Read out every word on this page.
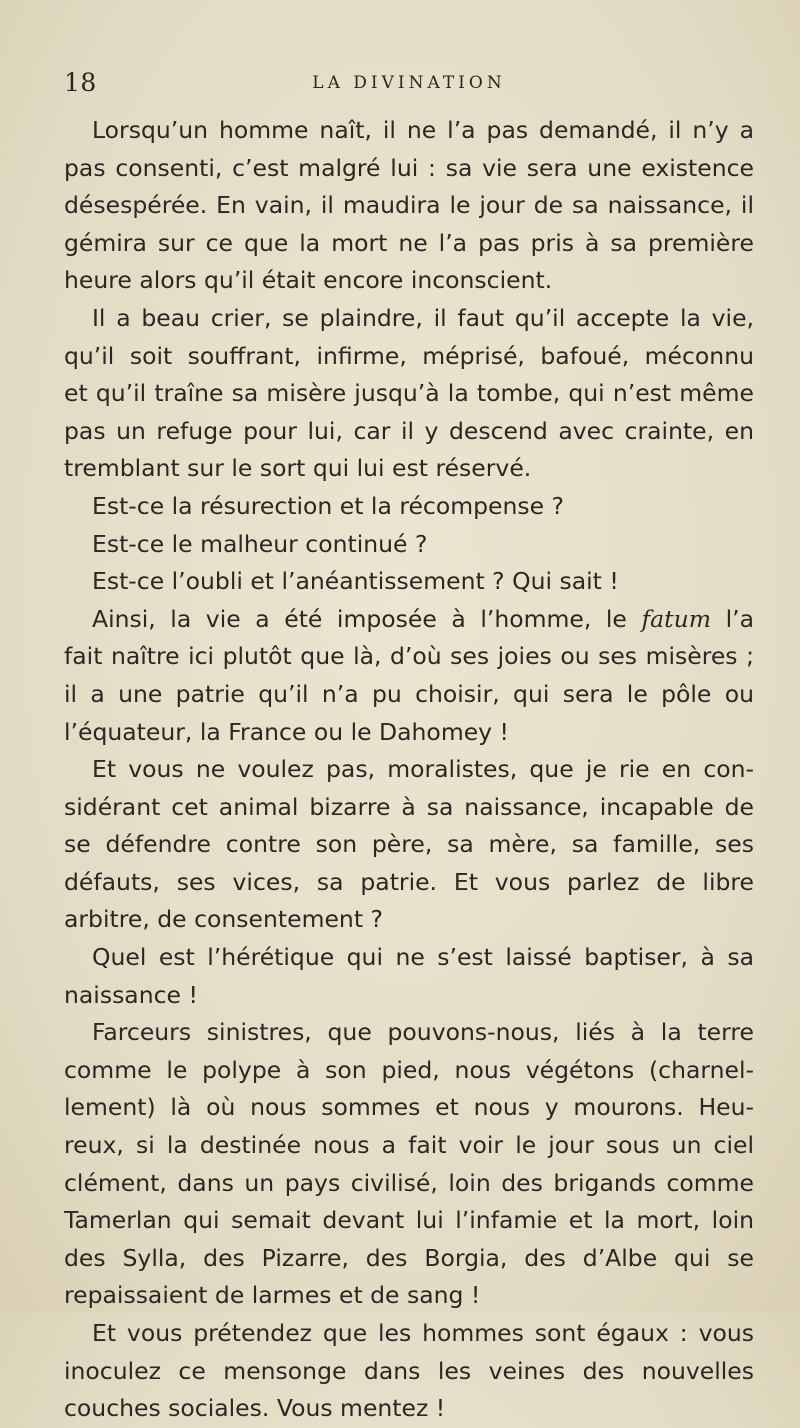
18	LA DIVINATION
Lorsqu’un homme naît, il ne l’a pas demandé, il n’y a
pas consenti, c’est malgré lui : sa vie sera une existence
désespérée. En vain, il maudira le jour de sa naissance, il
gémira sur ce que la mort ne l’a pas pris à sa première
heure alors qu’il était encore inconscient.
Il a beau crier, se plaindre, il faut qu’il accepte la vie,
qu’il soit souffrant, infirme, méprisé, bafoué, méconnu
et qu’il traîne sa misère jusqu’à la tombe, qui n’est même
pas un refuge pour lui, car il y descend avec crainte, en
tremblant sur le sort qui lui est réservé.
Est-ce la résurection et la récompense ?
Est-ce le malheur continué ?
Est-ce l’oubli et l’anéantissement ? Qui sait !
Ainsi, la vie a été imposée à l’homme, le fatum l’a
fait naître ici plutôt que là, d’où ses joies ou ses misères ;
il a une patrie qu’il n’a pu choisir, qui sera le pôle ou
l’équateur, la France ou le Dahomey !
Et vous ne voulez pas, moralistes, que je rie en con-
sidérant cet animal bizarre à sa naissance, incapable de
se défendre contre son père, sa mère, sa famille, ses
défauts, ses vices, sa patrie. Et vous parlez de libre
arbitre, de consentement ?
Quel est l’hérétique qui ne s’est laissé baptiser, à sa
naissance !
Farceurs sinistres, que pouvons-nous, liés à la terre
comme le polype à son pied, nous végétons (charnel-
lement) là où nous sommes et nous y mourons. Heu-
reux, si la destinée nous a fait voir le jour sous un ciel
clément, dans un pays civilisé, loin des brigands comme
Tamerlan qui semait devant lui l’infamie et la mort, loin
des Sylla, des Pizarre, des Borgia, des d’Albe qui se
repaissaient de larmes et de sang !
Et vous prétendez que les hommes sont égaux : vous
inoculez ce mensonge dans les veines des nouvelles
couches sociales. Vous mentez !
